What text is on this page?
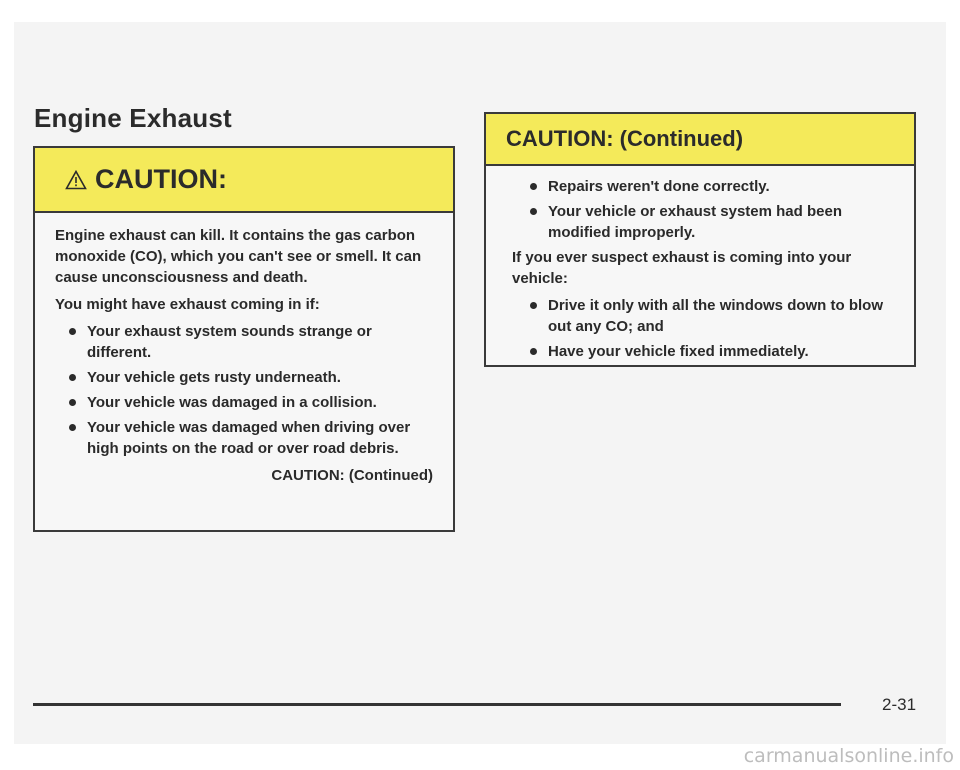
Engine Exhaust
CAUTION:

Engine exhaust can kill. It contains the gas carbon monoxide (CO), which you can't see or smell. It can cause unconsciousness and death.

You might have exhaust coming in if:

Your exhaust system sounds strange or different.
Your vehicle gets rusty underneath.
Your vehicle was damaged in a collision.
Your vehicle was damaged when driving over high points on the road or over road debris.
CAUTION: (Continued)
CAUTION: (Continued)
Repairs weren't done correctly.
Your vehicle or exhaust system had been modified improperly.

If you ever suspect exhaust is coming into your vehicle:

Drive it only with all the windows down to blow out any CO; and
Have your vehicle fixed immediately.
2-31
carmanualsonline.info
